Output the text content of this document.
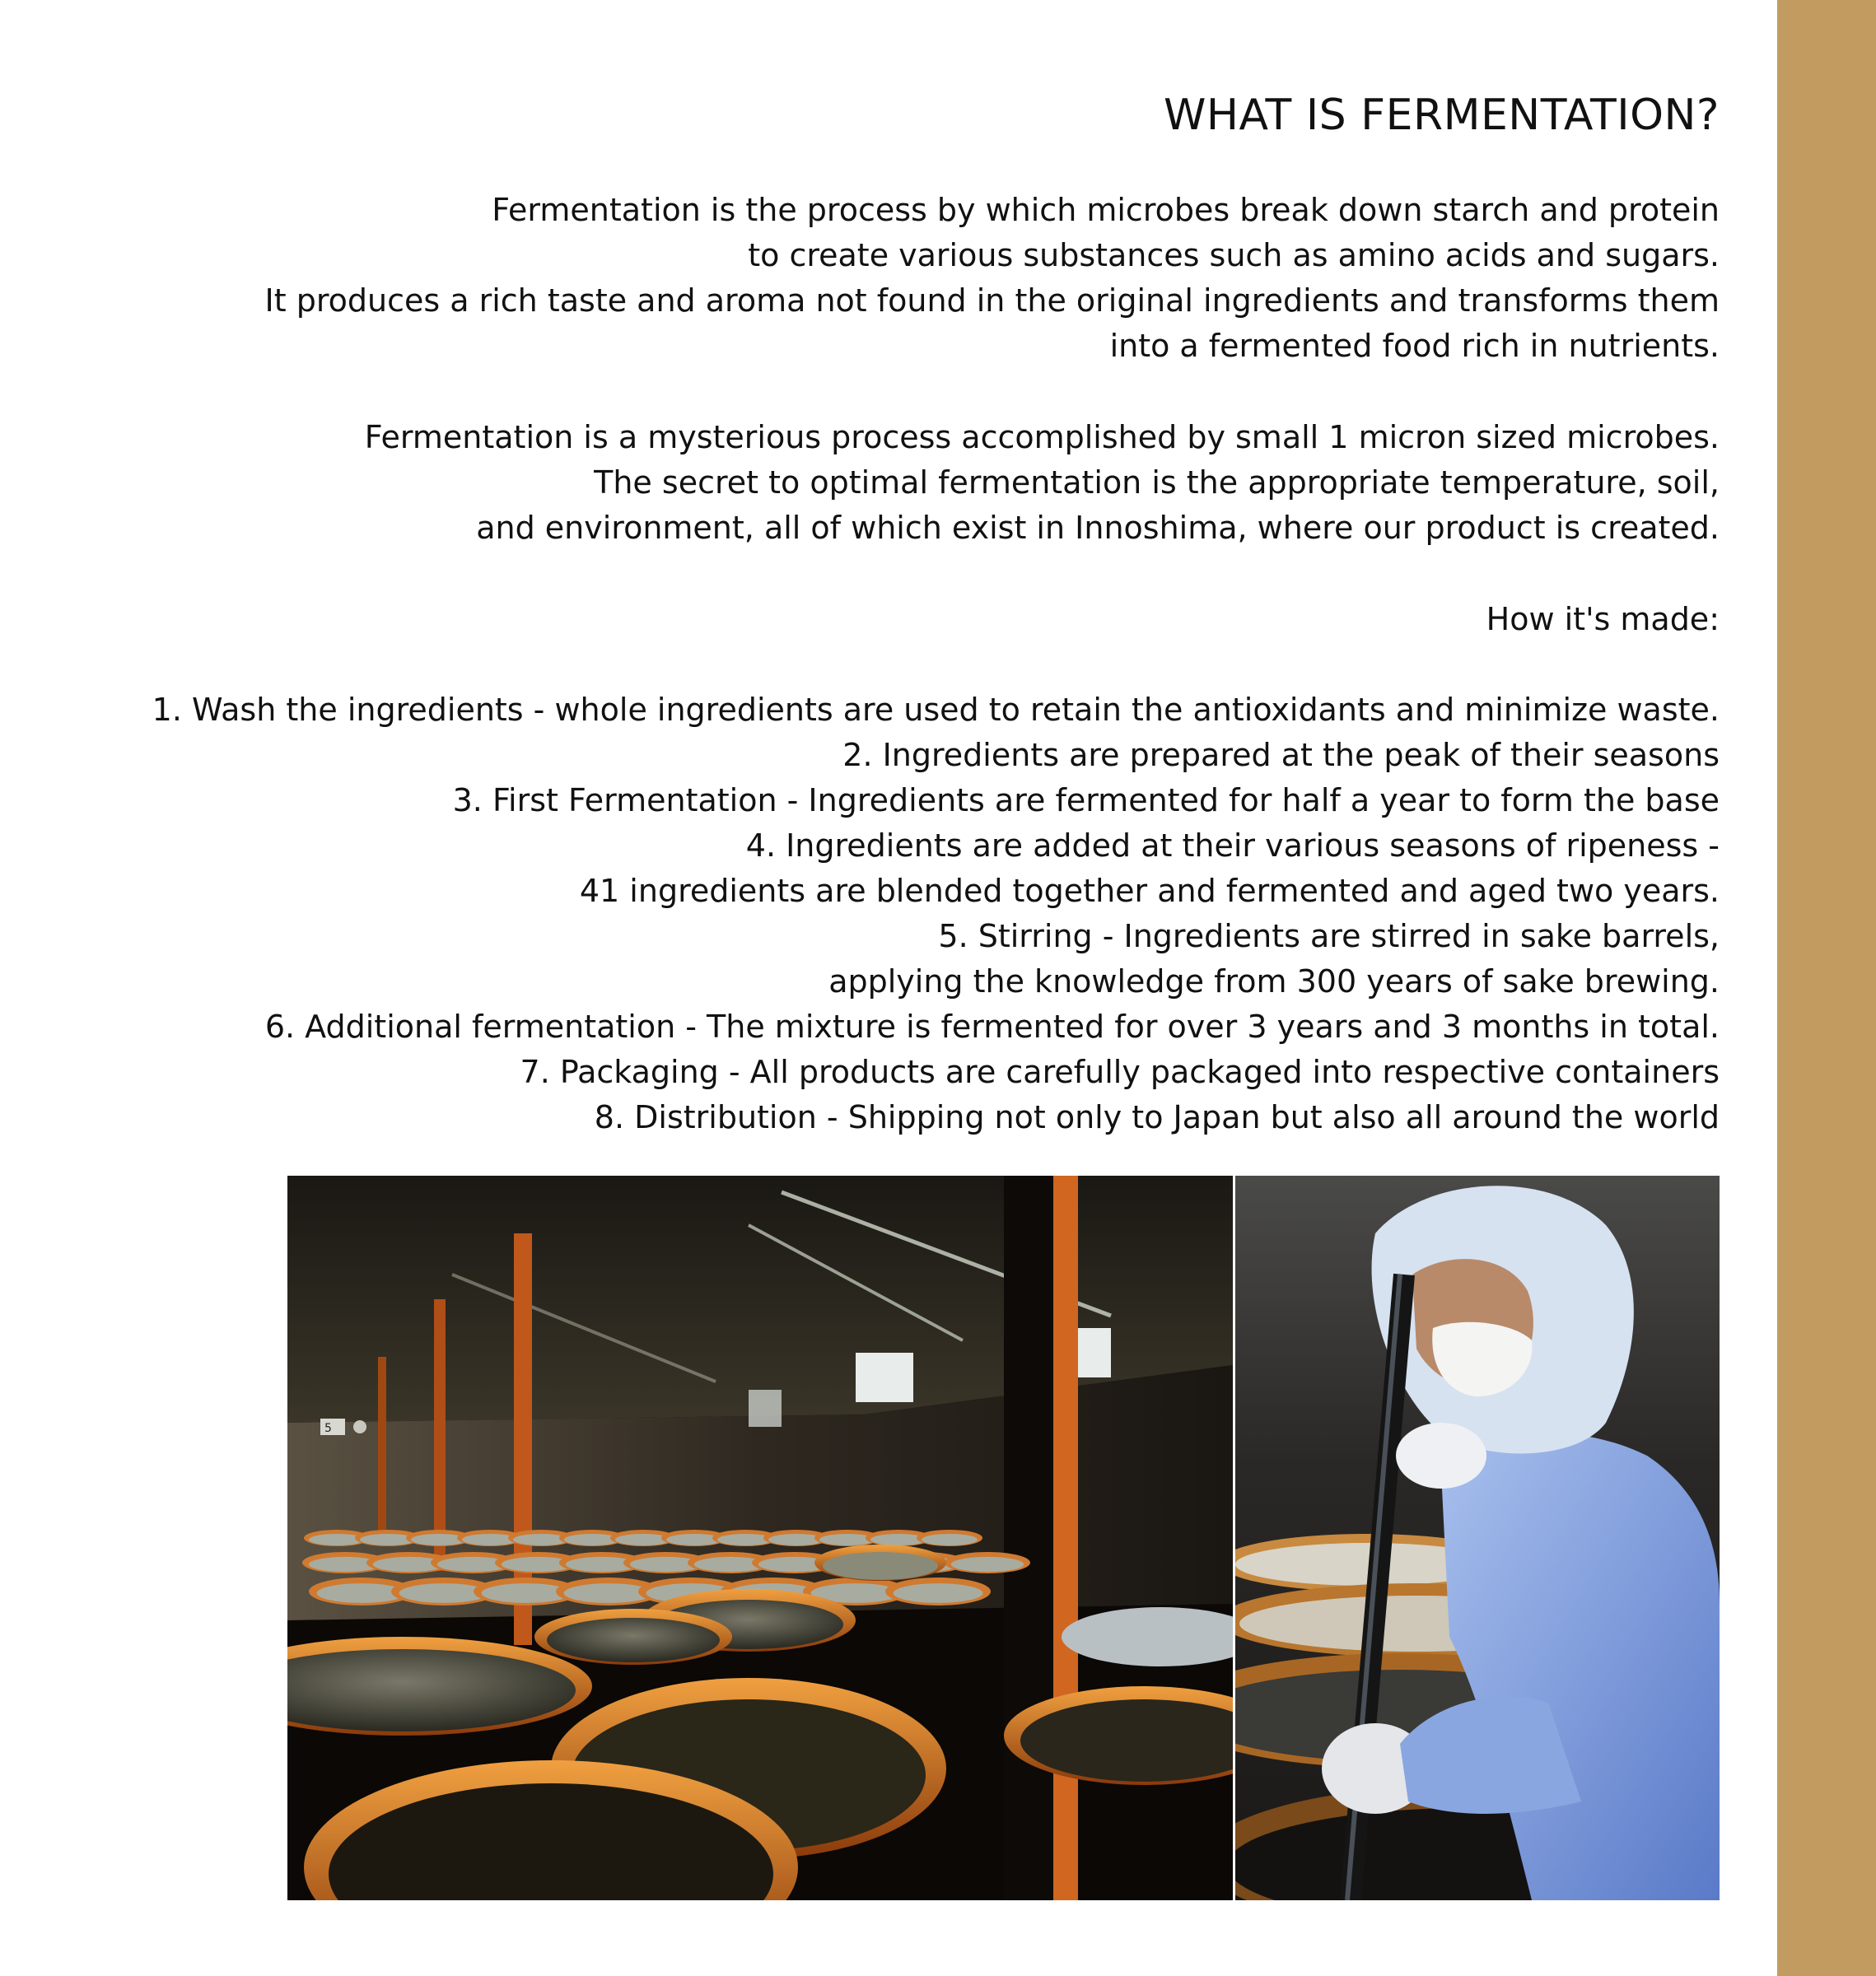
WHAT IS FERMENTATION?

Fermentation is the process by which microbes break down starch and protein
to create various substances such as amino acids and sugars.
It produces a rich taste and aroma not found in the original ingredients and transforms them
into a fermented food rich in nutrients.

Fermentation is a mysterious process accomplished by small 1 micron sized microbes.
The secret to optimal fermentation is the appropriate temperature, soil,
and environment, all of which exist in Innoshima, where our product is created.

How it's made:

1. Wash the ingredients - whole ingredients are used to retain the antioxidants and minimize waste.
2. Ingredients are prepared at the peak of their seasons
3. First Fermentation - Ingredients are fermented for half a year to form the base
4. Ingredients are added at their various seasons of ripeness -
41 ingredients are blended together and fermented and aged two years.
5. Stirring - Ingredients are stirred in sake barrels,
applying the knowledge from 300 years of sake brewing.
6. Additional fermentation - The mixture is fermented for over 3 years and 3 months in total.
7. Packaging - All products are carefully packaged into respective containers
8. Distribution - Shipping not only to Japan but also all around the world

5
